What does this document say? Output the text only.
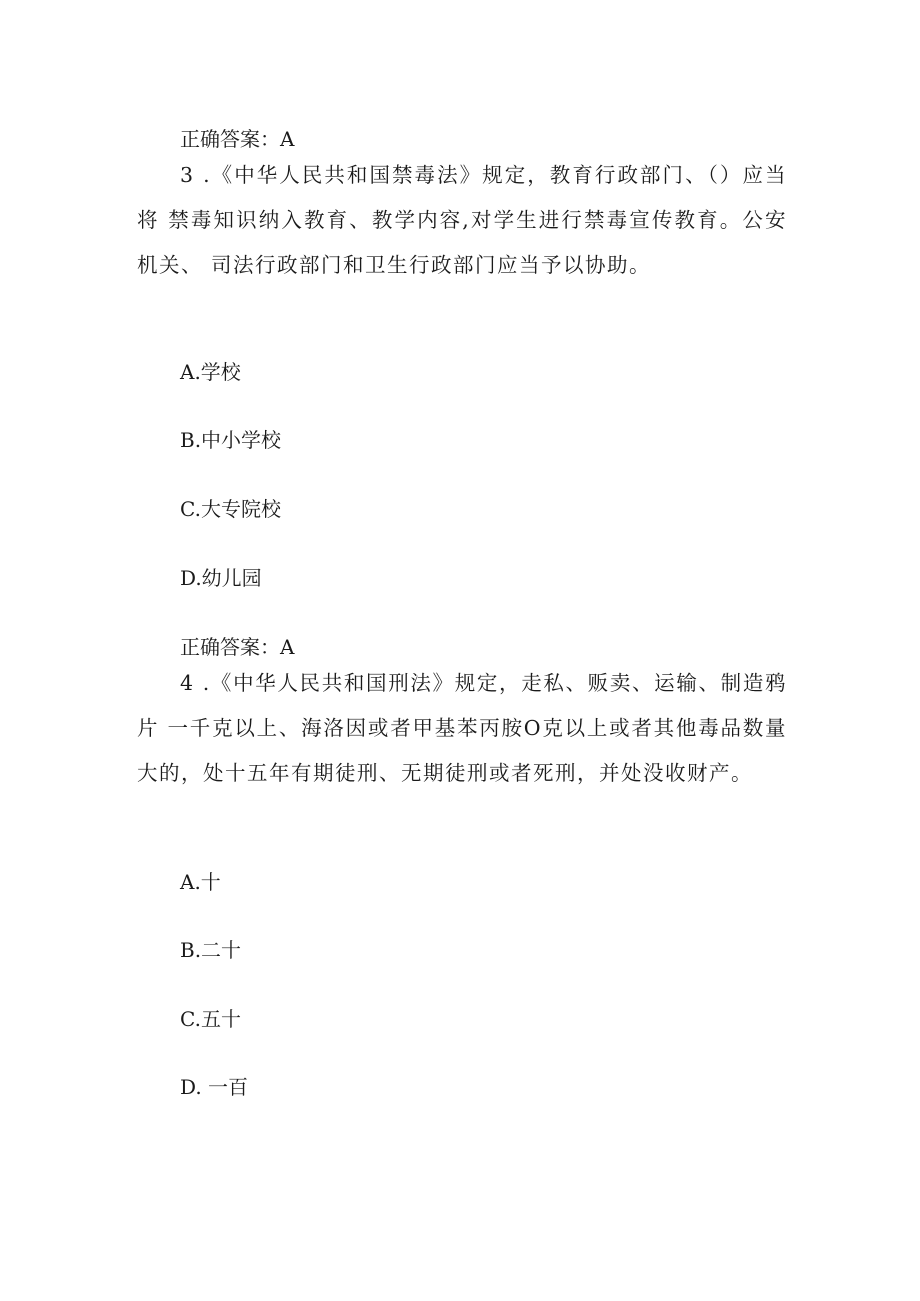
正确答案：A

3 .《中华人民共和国禁毒法》规定，教育行政部门、（）应当将 禁毒知识纳入教育、教学内容,对学生进行禁毒宣传教育。公安机关、 司法行政部门和卫生行政部门应当予以协助。

A.学校

B.中小学校

C.大专院校

D.幼儿园

正确答案：A

4 .《中华人民共和国刑法》规定，走私、贩卖、运输、制造鸦片 一千克以上、海洛因或者甲基苯丙胺O克以上或者其他毒品数量大的，处十五年有期徒刑、无期徒刑或者死刑，并处没收财产。

A.十

B.二十

C.五十

D. 一百
